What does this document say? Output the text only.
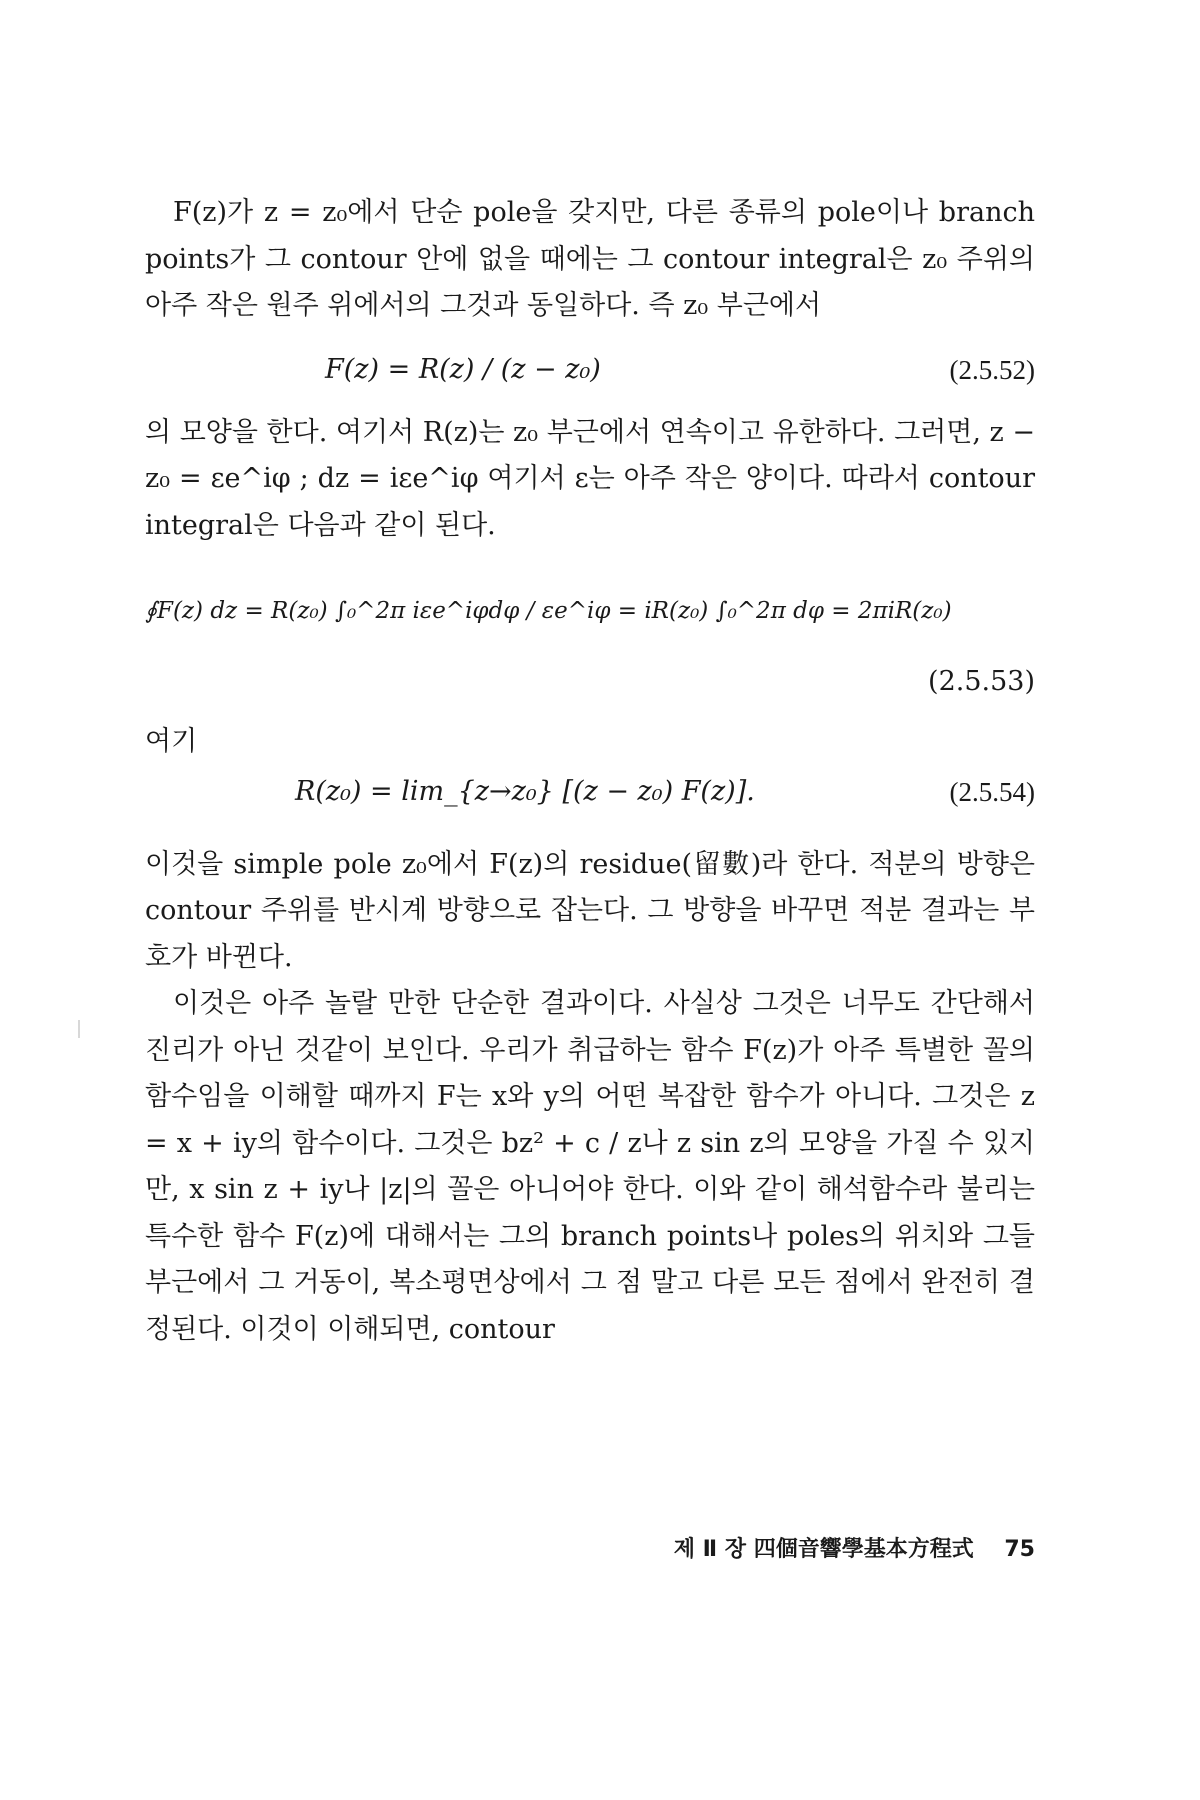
F(z)가 z = z₀에서 단순 pole을 갖지만, 다른 종류의 pole이나 branch points가 그 contour 안에 없을 때에는 그 contour integral은 z₀ 주위의 아주 작은 원주 위에서의 그것과 동일하다. 즉 z₀ 부근에서

F(z) = R(z) / (z − z₀)	(2.5.52)

의 모양을 한다. 여기서 R(z)는 z₀ 부근에서 연속이고 유한하다. 그러면, z − z₀ = εe^iφ ; dz = iεe^iφ 여기서 ε는 아주 작은 양이다. 따라서 contour integral은 다음과 같이 된다.

∮F(z) dz = R(z₀) ∫₀^2π iεe^iφdφ / εe^iφ = iR(z₀) ∫₀^2π dφ = 2πiR(z₀)
(2.5.53)

여기

R(z₀) = lim_{z→z₀} [(z − z₀) F(z)].	(2.5.54)

이것을 simple pole z₀에서 F(z)의 residue(留數)라 한다. 적분의 방향은 contour 주위를 반시계 방향으로 잡는다. 그 방향을 바꾸면 적분 결과는 부호가 바뀐다.

이것은 아주 놀랄 만한 단순한 결과이다. 사실상 그것은 너무도 간단해서 진리가 아닌 것같이 보인다. 우리가 취급하는 함수 F(z)가 아주 특별한 꼴의 함수임을 이해할 때까지 F는 x와 y의 어떤 복잡한 함수가 아니다. 그것은 z = x + iy의 함수이다. 그것은 bz² + c / z나 z sin z의 모양을 가질 수 있지만, x sin z + iy나 |z|의 꼴은 아니어야 한다. 이와 같이 해석함수라 불리는 특수한 함수 F(z)에 대해서는 그의 branch points나 poles의 위치와 그들 부근에서 그 거동이, 복소평면상에서 그 점 말고 다른 모든 점에서 완전히 결정된다. 이것이 이해되면, contour

제 Ⅱ 장 四個音響學基本方程式 75
